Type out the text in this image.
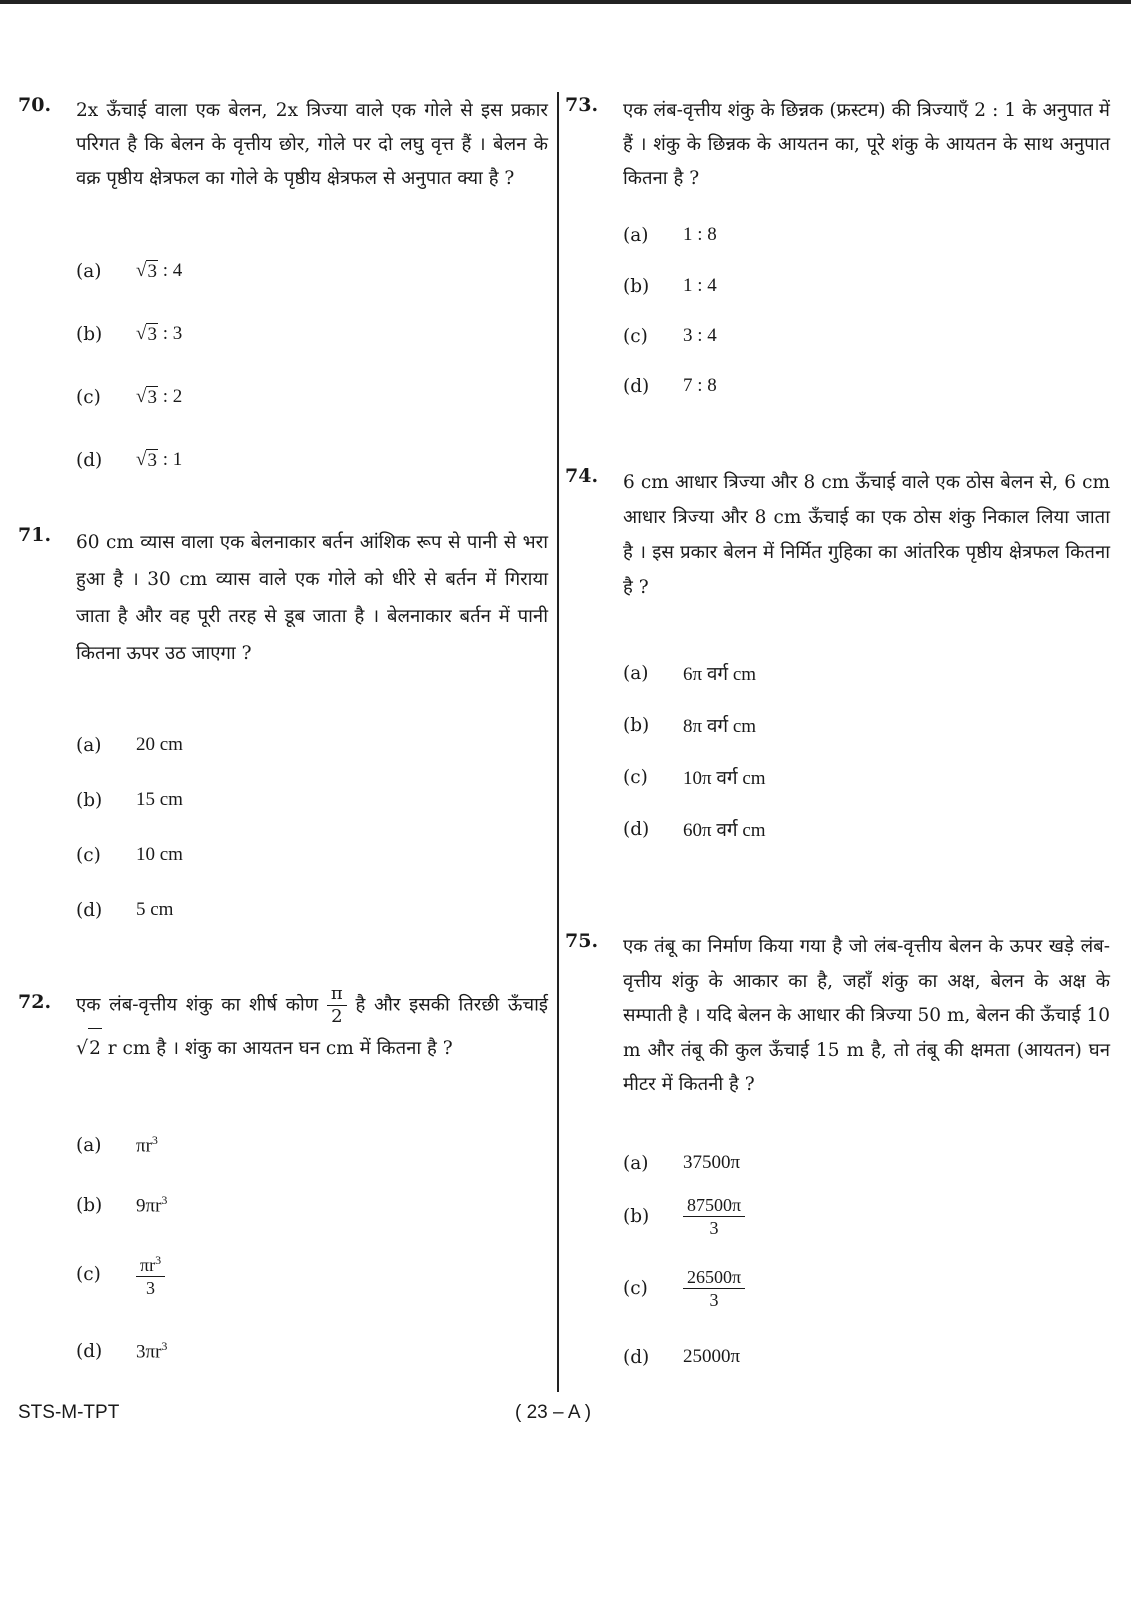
70. 2x ऊँचाई वाला एक बेलन, 2x त्रिज्या वाले एक गोले से इस प्रकार परिगत है कि बेलन के वृत्तीय छोर, गोले पर दो लघु वृत्त हैं । बेलन के वक्र पृष्ठीय क्षेत्रफल का गोले के पृष्ठीय क्षेत्रफल से अनुपात क्या है ?
(a)	√ 3
: 4
(b)	√ 3
: 3
(c)	√ 3
: 2
(d)	√ 3
: 1
71. 60 cm व्यास वाला एक बेलनाकार बर्तन आंशिक रूप से पानी से भरा हुआ है । 30 cm व्यास वाले एक गोले को धीरे से बर्तन में गिराया जाता है और वह पूरी तरह से डूब जाता है । बेलनाकार बर्तन में पानी कितना ऊपर उठ जाएगा ?
(a)	20 cm
(b)	15 cm
(c)	10 cm
(d)	5 cm
72. एक लंब-वृत्तीय शंकु का शीर्ष कोण $\frac{\pi}{2}$ है और इसकी तिरछी ऊँचाई
√ 2 r cm है । शंकु का आयतन घन cm में कितना है ?
(a)	$\pi r^3$
(b)	$9\pi r^3$
(c)	$\frac{\pi r^3}{3}$
(d)	$3\pi r^3$
73. एक लंब-वृत्तीय शंकु के छिन्नक (फ्रस्टम) की त्रिज्याएँ 2 : 1 के अनुपात में हैं । शंकु के छिन्नक के आयतन का, पूरे शंकु के आयतन के साथ अनुपात कितना है ?
(a)	1 : 8
(b)	1 : 4
(c)	3 : 4
(d)	7 : 8
74. 6 cm आधार त्रिज्या और 8 cm ऊँचाई वाले एक ठोस बेलन से, 6 cm आधार त्रिज्या और 8 cm ऊँचाई का एक ठोस शंकु निकाल लिया जाता है । इस प्रकार बेलन में निर्मित गुहिका का आंतरिक पृष्ठीय क्षेत्रफल कितना है ?
(a)	6π वर्ग cm
(b)	8π वर्ग cm
(c)	10π वर्ग cm
(d)	60π वर्ग cm
75. एक तंबू का निर्माण किया गया है जो लंब-वृत्तीय बेलन के ऊपर खड़े लंब-वृत्तीय शंकु के आकार का है, जहाँ शंकु का अक्ष, बेलन के अक्ष के सम्पाती है । यदि बेलन के आधार की त्रिज्या 50 m, बेलन की ऊँचाई 10 m और तंबू की कुल ऊँचाई 15 m है, तो तंबू की क्षमता (आयतन) घन मीटर में कितनी है ?
(a)	37500π
(b)	$\frac{87500\pi}{3}$
(c)	$\frac{26500\pi}{3}$
(d)	25000π
STS-M-TPT	( 23 – A )
